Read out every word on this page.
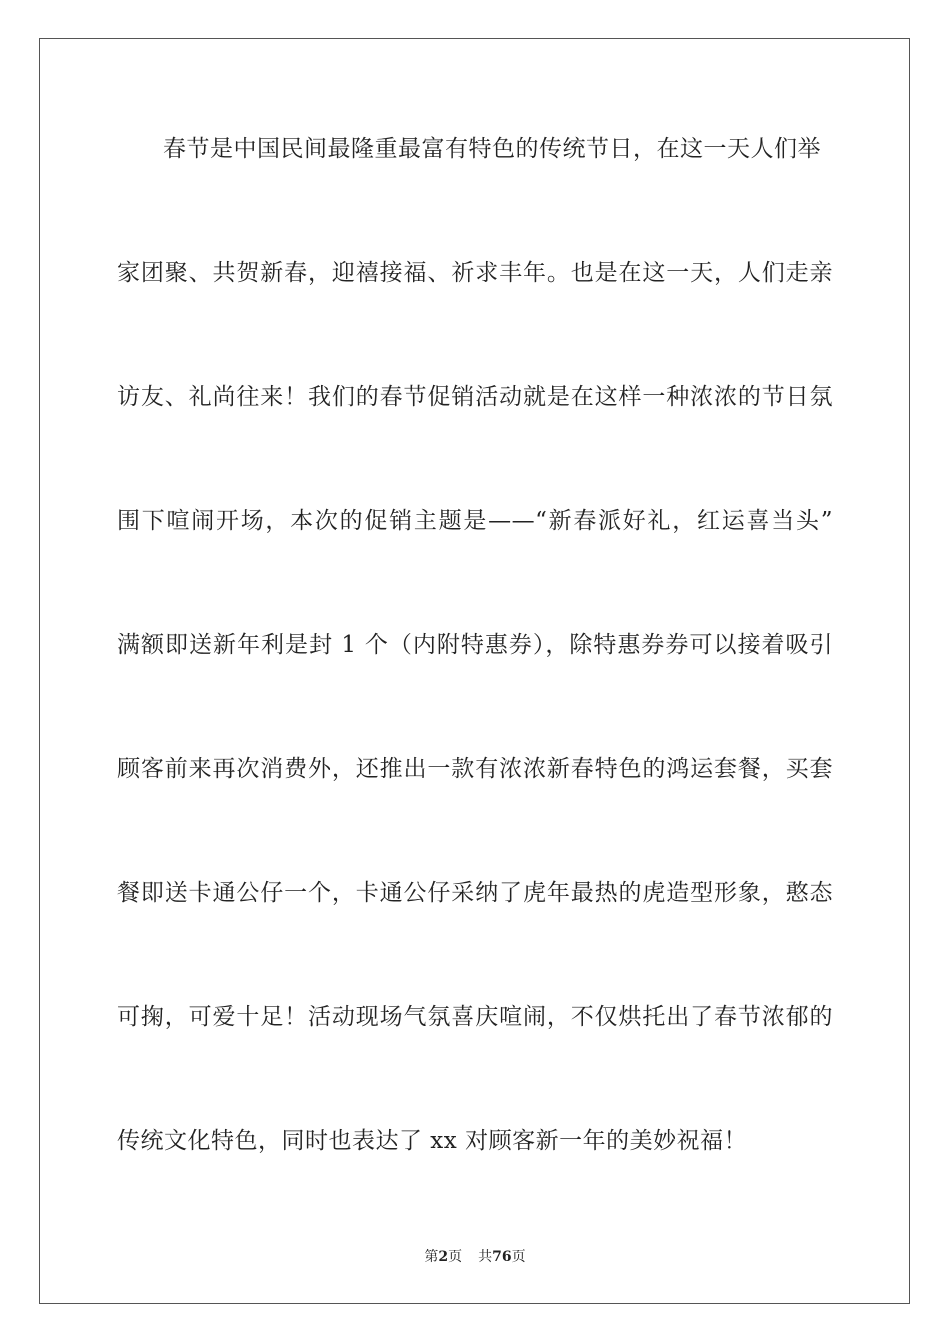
春节是中国民间最隆重最富有特色的传统节日，在这一天人们举
家团聚、共贺新春，迎禧接福、祈求丰年。也是在这一天，人们走亲
访友、礼尚往来！我们的春节促销活动就是在这样一种浓浓的节日氛
围下喧闹开场，本次的促销主题是——“新春派好礼，红运喜当头”
满额即送新年利是封 1 个（内附特惠券），除特惠券券可以接着吸引
顾客前来再次消费外，还推出一款有浓浓新春特色的鸿运套餐，买套
餐即送卡通公仔一个，卡通公仔采纳了虎年最热的虎造型形象，憨态
可掬，可爱十足！活动现场气氛喜庆喧闹，不仅烘托出了春节浓郁的
传统文化特色，同时也表达了 xx 对顾客新一年的美妙祝福！
第2页 共76页
